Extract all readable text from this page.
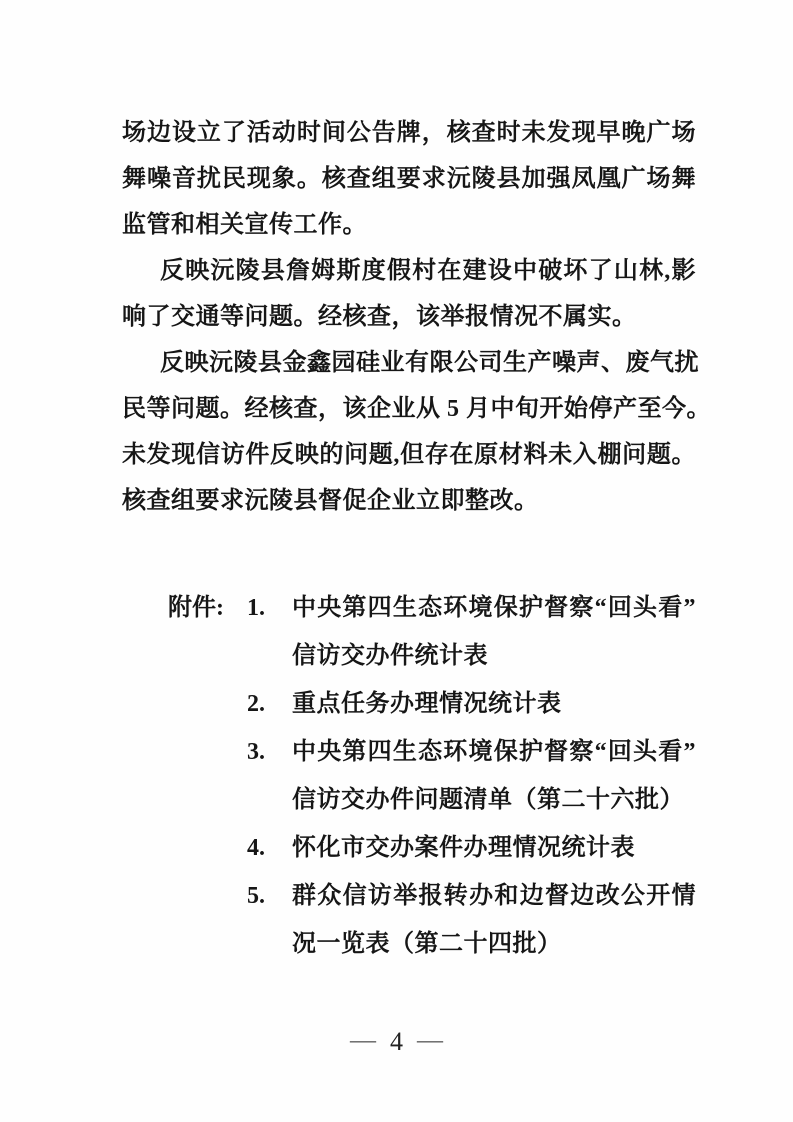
场边设立了活动时间公告牌，核查时未发现早晚广场
舞噪音扰民现象。核查组要求沅陵县加强凤凰广场舞
监管和相关宣传工作。
反映沅陵县詹姆斯度假村在建设中破坏了山林,影
响了交通等问题。经核查，该举报情况不属实。
反映沅陵县金鑫园硅业有限公司生产噪声、废气扰
民等问题。经核查，该企业从 5 月中旬开始停产至今。
未发现信访件反映的问题,但存在原材料未入棚问题。
核查组要求沅陵县督促企业立即整改。
附件: 1. 中央第四生态环境保护督察“回头看”
信访交办件统计表
2. 重点任务办理情况统计表
3. 中央第四生态环境保护督察“回头看”
信访交办件问题清单（第二十六批）
4. 怀化市交办案件办理情况统计表
5. 群众信访举报转办和边督边改公开情
况一览表（第二十四批）
— 4 —
